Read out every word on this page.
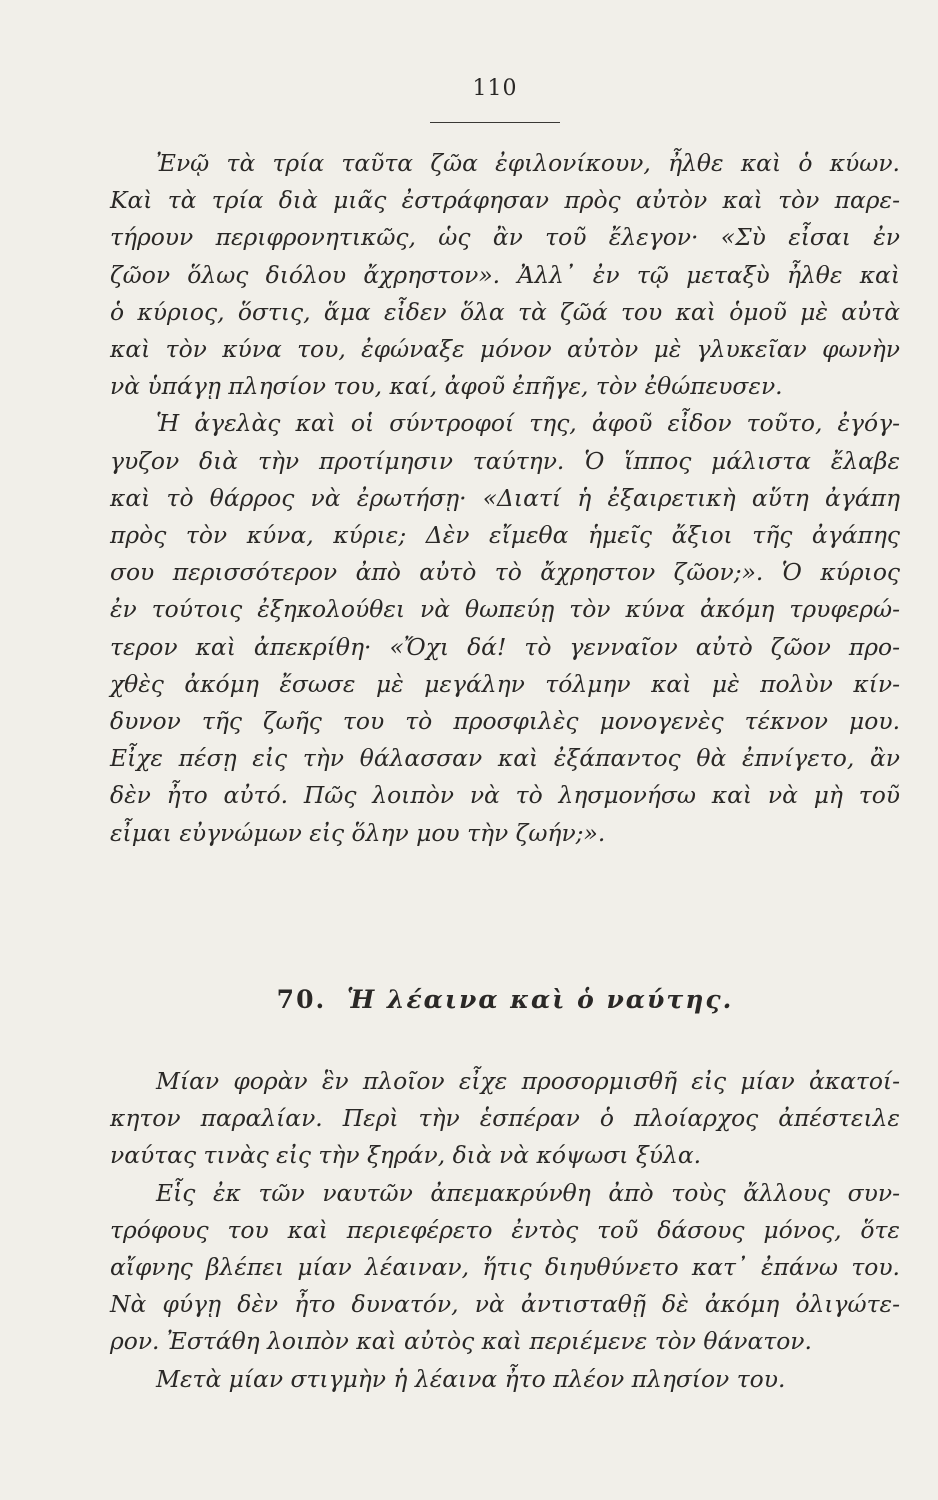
110
Ἐνῷ τὰ τρία ταῦτα ζῶα ἐφιλονίκουν, ἦλθε καὶ ὁ κύων.
Καὶ τὰ τρία διὰ μιᾶς ἐστράφησαν πρὸς αὐτὸν καὶ τὸν παρε-
τήρουν περιφρονητικῶς, ὡς ἂν τοῦ ἔλεγον· «Σὺ εἶσαι ἐν
ζῶον ὅλως διόλου ἄχρηστον». Ἀλλ᾽ ἐν τῷ μεταξὺ ἦλθε καὶ
ὁ κύριος, ὅστις, ἅμα εἶδεν ὅλα τὰ ζῶά του καὶ ὁμοῦ μὲ αὐτὰ
καὶ τὸν κύνα του, ἐφώναξε μόνον αὐτὸν μὲ γλυκεῖαν φωνὴν
νὰ ὑπάγῃ πλησίον του, καί, ἀφοῦ ἐπῆγε, τὸν ἐθώπευσεν.
Ἡ ἀγελὰς καὶ οἱ σύντροφοί της, ἀφοῦ εἶδον τοῦτο, ἐγόγ-
γυζον διὰ τὴν προτίμησιν ταύτην. Ὁ ἵππος μάλιστα ἔλαβε
καὶ τὸ θάρρος νὰ ἐρωτήσῃ· «Διατί ἡ ἐξαιρετικὴ αὕτη ἀγάπη
πρὸς τὸν κύνα, κύριε; Δὲν εἴμεθα ἡμεῖς ἄξιοι τῆς ἀγάπης
σου περισσότερον ἀπὸ αὐτὸ τὸ ἄχρηστον ζῶον;». Ὁ κύριος
ἐν τούτοις ἐξηκολούθει νὰ θωπεύῃ τὸν κύνα ἀκόμη τρυφερώ-
τερον καὶ ἀπεκρίθη· «Ὄχι δά! τὸ γενναῖον αὐτὸ ζῶον προ-
χθὲς ἀκόμη ἔσωσε μὲ μεγάλην τόλμην καὶ μὲ πολὺν κίν-
δυνον τῆς ζωῆς του τὸ προσφιλὲς μονογενὲς τέκνον μου.
Εἶχε πέσῃ εἰς τὴν θάλασσαν καὶ ἐξάπαντος θὰ ἐπνίγετο, ἂν
δὲν ἦτο αὐτό. Πῶς λοιπὸν νὰ τὸ λησμονήσω καὶ νὰ μὴ τοῦ
εἶμαι εὐγνώμων εἰς ὅλην μου τὴν ζωήν;».
70. Ἡ λέαινα καὶ ὁ ναύτης.
Μίαν φορὰν ἓν πλοῖον εἶχε προσορμισθῆ εἰς μίαν ἀκατοί-
κητον παραλίαν. Περὶ τὴν ἑσπέραν ὁ πλοίαρχος ἀπέστειλε
ναύτας τινὰς εἰς τὴν ξηράν, διὰ νὰ κόψωσι ξύλα.
Εἷς ἐκ τῶν ναυτῶν ἀπεμακρύνθη ἀπὸ τοὺς ἄλλους συν-
τρόφους του καὶ περιεφέρετο ἐντὸς τοῦ δάσους μόνος, ὅτε
αἴφνης βλέπει μίαν λέαιναν, ἥτις διηυθύνετο κατ᾽ ἐπάνω του.
Νὰ φύγῃ δὲν ἦτο δυνατόν, νὰ ἀντισταθῇ δὲ ἀκόμη ὀλιγώτε-
ρον. Ἐστάθη λοιπὸν καὶ αὐτὸς καὶ περιέμενε τὸν θάνατον.
Μετὰ μίαν στιγμὴν ἡ λέαινα ἦτο πλέον πλησίον του.
